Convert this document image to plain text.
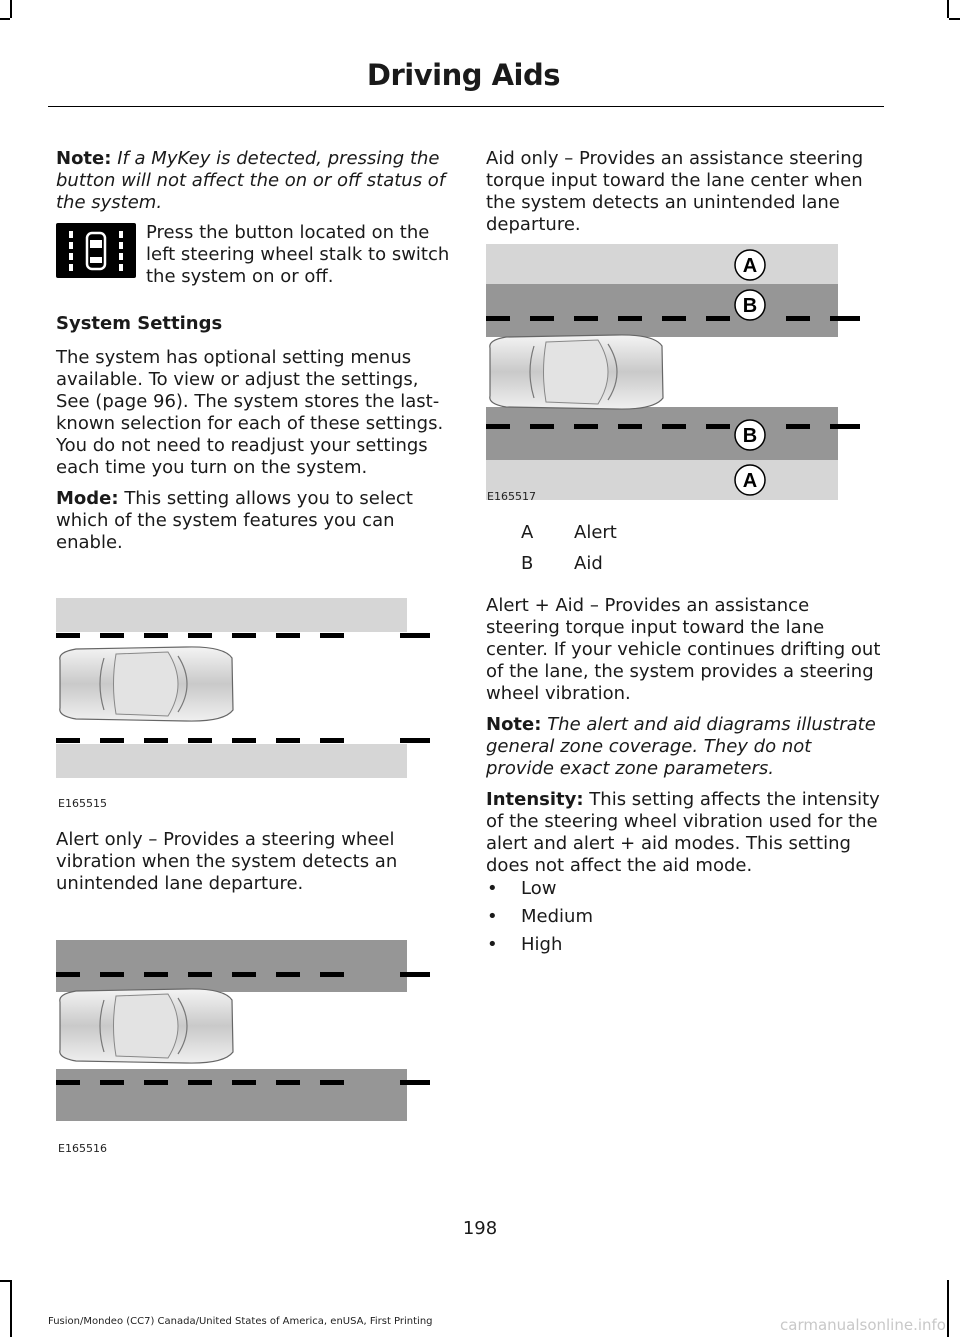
Driving Aids

Note: If a MyKey is detected, pressing the button will not affect the on or off status of the system.

Press the button located on the left steering wheel stalk to switch the system on or off.

System Settings

The system has optional setting menus available. To view or adjust the settings, See (page 96). The system stores the last-known selection for each of these settings. You do not need to readjust your settings each time you turn on the system.

Mode: This setting allows you to select which of the system features you can enable.

E165515

Alert only – Provides a steering wheel vibration when the system detects an unintended lane departure.

E165516

Aid only – Provides an assistance steering torque input toward the lane center when the system detects an unintended lane departure.

A
B
B
A
E165517
A Alert
B Aid

Alert + Aid – Provides an assistance steering torque input toward the lane center. If your vehicle continues drifting out of the lane, the system provides a steering wheel vibration.

Note: The alert and aid diagrams illustrate general zone coverage. They do not provide exact zone parameters.

Intensity: This setting affects the intensity of the steering wheel vibration used for the alert and alert + aid modes. This setting does not affect the aid mode.

• Low
• Medium
• High
198
Fusion/Mondeo (CC7) Canada/United States of America, enUSA, First Printing	carmanualsonline.info
